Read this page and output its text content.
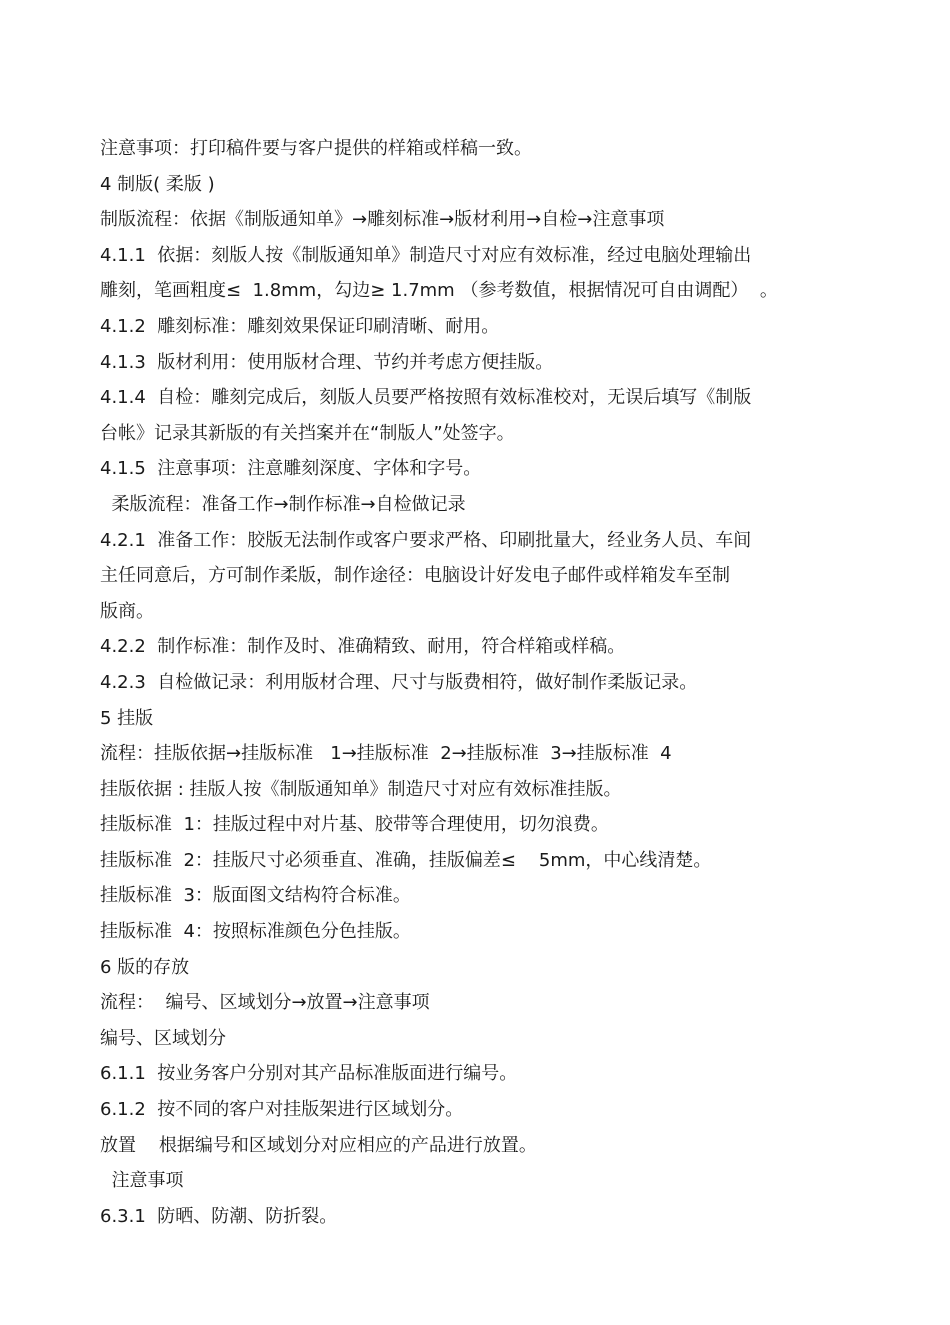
注意事项：打印稿件要与客户提供的样箱或样稿一致。
4 制版( 柔版 )
制版流程：依据《制版通知单》→雕刻标准→版材利用→自检→注意事项
4.1.1  依据：刻版人按《制版通知单》制造尺寸对应有效标准，经过电脑处理输出
雕刻，笔画粗度≤  1.8mm，勾边≥ 1.7mm （参考数值，根据情况可自由调配）  。
4.1.2  雕刻标准：雕刻效果保证印刷清晰、耐用。
4.1.3  版材利用：使用版材合理、节约并考虑方便挂版。
4.1.4  自检：雕刻完成后，刻版人员要严格按照有效标准校对，无误后填写《制版
台帐》记录其新版的有关挡案并在“制版人”处签字。
4.1.5  注意事项：注意雕刻深度、字体和字号。
柔版流程：准备工作→制作标准→自检做记录
4.2.1  准备工作：胶版无法制作或客户要求严格、印刷批量大，经业务人员、车间
主任同意后，方可制作柔版，制作途径：电脑设计好发电子邮件或样箱发车至制
版商。
4.2.2  制作标准：制作及时、准确精致、耐用，符合样箱或样稿。
4.2.3  自检做记录：利用版材合理、尺寸与版费相符，做好制作柔版记录。
5 挂版
流程：挂版依据→挂版标准   1→挂版标准  2→挂版标准  3→挂版标准  4
挂版依据 : 挂版人按《制版通知单》制造尺寸对应有效标准挂版。
挂版标准  1：挂版过程中对片基、胶带等合理使用，切勿浪费。
挂版标准  2：挂版尺寸必须垂直、准确，挂版偏差≤    5mm，中心线清楚。
挂版标准  3：版面图文结构符合标准。
挂版标准  4：按照标准颜色分色挂版。
6 版的存放
流程：  编号、区域划分→放置→注意事项
编号、区域划分
6.1.1  按业务客户分别对其产品标准版面进行编号。
6.1.2  按不同的客户对挂版架进行区域划分。
放置    根据编号和区域划分对应相应的产品进行放置。
注意事项
6.3.1  防晒、防潮、防折裂。
